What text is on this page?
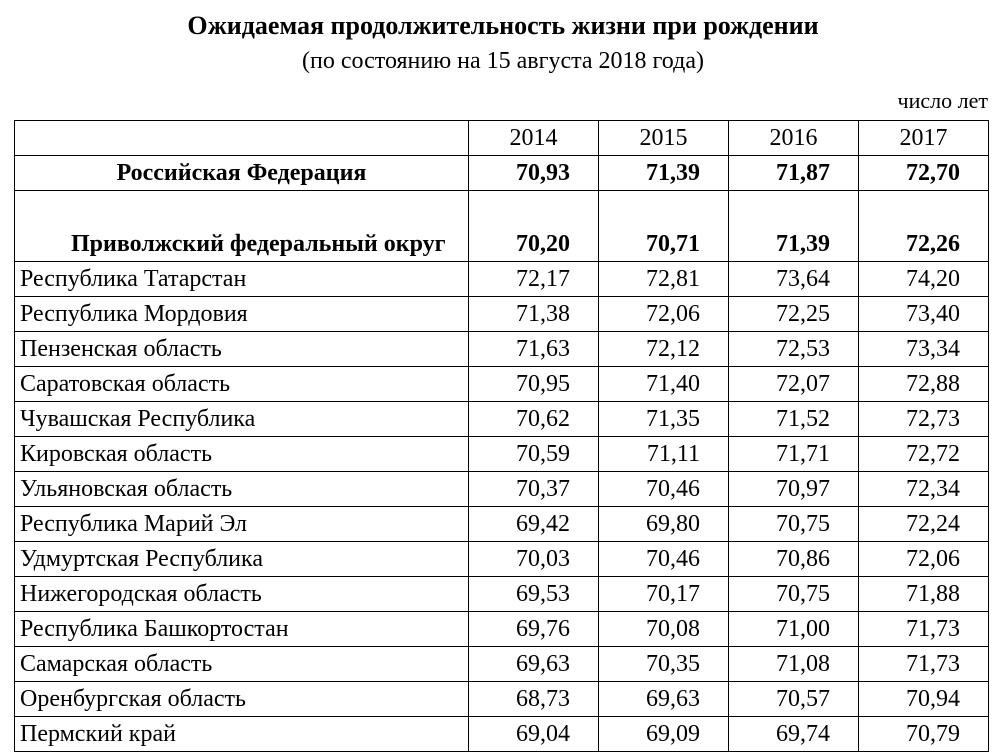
Ожидаемая продолжительность жизни при рождении
(по состоянию на 15 августа 2018 года)
число лет
	2014	2015	2016	2017
Российская Федерация	70,93	71,39	71,87	72,70
Приволжский федеральный округ	70,20	70,71	71,39	72,26
Республика Татарстан	72,17	72,81	73,64	74,20
Республика Мордовия	71,38	72,06	72,25	73,40
Пензенская область	71,63	72,12	72,53	73,34
Саратовская область	70,95	71,40	72,07	72,88
Чувашская Республика	70,62	71,35	71,52	72,73
Кировская область	70,59	71,11	71,71	72,72
Ульяновская область	70,37	70,46	70,97	72,34
Республика Марий Эл	69,42	69,80	70,75	72,24
Удмуртская Республика	70,03	70,46	70,86	72,06
Нижегородская область	69,53	70,17	70,75	71,88
Республика Башкортостан	69,76	70,08	71,00	71,73
Самарская область	69,63	70,35	71,08	71,73
Оренбургская область	68,73	69,63	70,57	70,94
Пермский край	69,04	69,09	69,74	70,79
